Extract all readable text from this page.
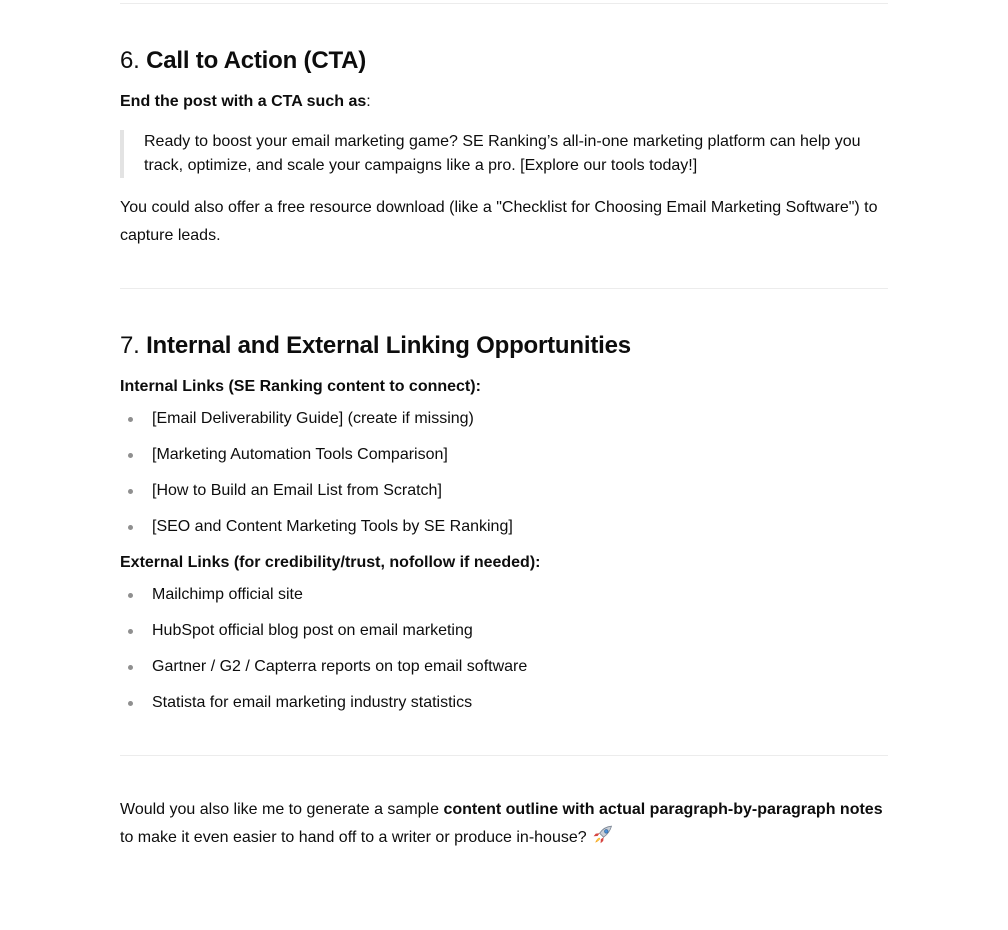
6. Call to Action (CTA)

End the post with a CTA such as:

Ready to boost your email marketing game? SE Ranking’s all-in-one marketing platform can help you track, optimize, and scale your campaigns like a pro. [Explore our tools today!]

You could also offer a free resource download (like a "Checklist for Choosing Email Marketing Software") to capture leads.

7. Internal and External Linking Opportunities

Internal Links (SE Ranking content to connect):

[Email Deliverability Guide] (create if missing)
[Marketing Automation Tools Comparison]
[How to Build an Email List from Scratch]
[SEO and Content Marketing Tools by SE Ranking]

External Links (for credibility/trust, nofollow if needed):

Mailchimp official site
HubSpot official blog post on email marketing
Gartner / G2 / Capterra reports on top email software
Statista for email marketing industry statistics

Would you also like me to generate a sample content outline with actual paragraph-by-paragraph notes to make it even easier to hand off to a writer or produce in-house?
